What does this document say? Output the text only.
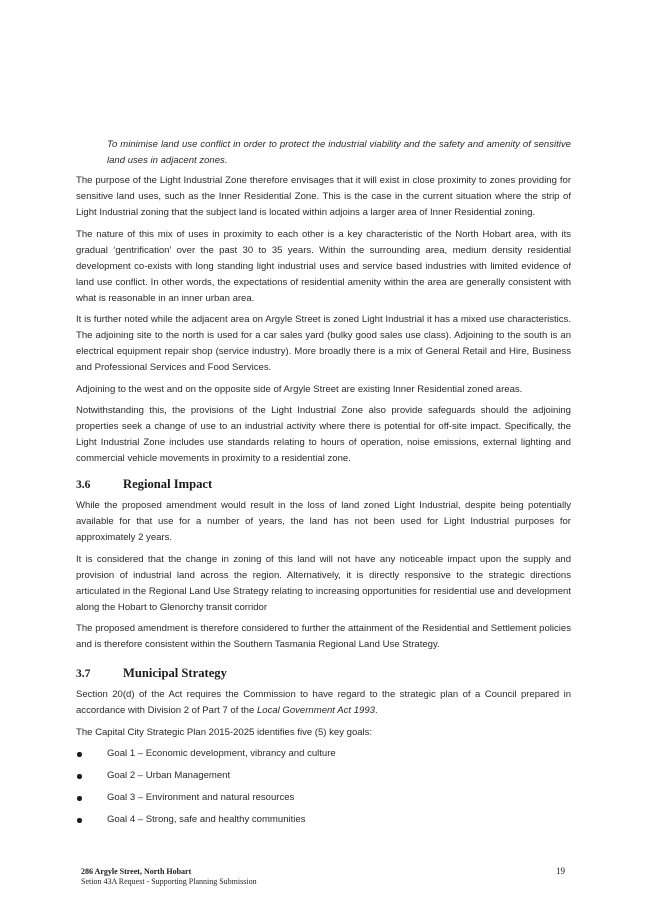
To minimise land use conflict in order to protect the industrial viability and the safety and amenity of sensitive land uses in adjacent zones.

The purpose of the Light Industrial Zone therefore envisages that it will exist in close proximity to zones providing for sensitive land uses, such as the Inner Residential Zone. This is the case in the current situation where the strip of Light Industrial zoning that the subject land is located within adjoins a larger area of Inner Residential zoning.

The nature of this mix of uses in proximity to each other is a key characteristic of the North Hobart area, with its gradual ‘gentrification’ over the past 30 to 35 years. Within the surrounding area, medium density residential development co-exists with long standing light industrial uses and service based industries with limited evidence of land use conflict. In other words, the expectations of residential amenity within the area are generally consistent with what is reasonable in an inner urban area.

It is further noted while the adjacent area on Argyle Street is zoned Light Industrial it has a mixed use characteristics. The adjoining site to the north is used for a car sales yard (bulky good sales use class). Adjoining to the south is an electrical equipment repair shop (service industry). More broadly there is a mix of General Retail and Hire, Business and Professional Services and Food Services.

Adjoining to the west and on the opposite side of Argyle Street are existing Inner Residential zoned areas.

Notwithstanding this, the provisions of the Light Industrial Zone also provide safeguards should the adjoining properties seek a change of use to an industrial activity where there is potential for off-site impact. Specifically, the Light Industrial Zone includes use standards relating to hours of operation, noise emissions, external lighting and commercial vehicle movements in proximity to a residential zone.

3.6	Regional Impact

While the proposed amendment would result in the loss of land zoned Light Industrial, despite being potentially available for that use for a number of years, the land has not been used for Light Industrial purposes for approximately 2 years.

It is considered that the change in zoning of this land will not have any noticeable impact upon the supply and provision of industrial land across the region. Alternatively, it is directly responsive to the strategic directions articulated in the Regional Land Use Strategy relating to increasing opportunities for residential use and development along the Hobart to Glenorchy transit corridor

The proposed amendment is therefore considered to further the attainment of the Residential and Settlement policies and is therefore consistent within the Southern Tasmania Regional Land Use Strategy.

3.7	Municipal Strategy

Section 20(d) of the Act requires the Commission to have regard to the strategic plan of a Council prepared in accordance with Division 2 of Part 7 of the Local Government Act 1993.

The Capital City Strategic Plan 2015-2025 identifies five (5) key goals:

Goal 1 – Economic development, vibrancy and culture
Goal 2 – Urban Management
Goal 3 – Environment and natural resources
Goal 4 – Strong, safe and healthy communities
286 Argyle Street, North Hobart
Setion 43A Request - Supporting Planning Submission
19
